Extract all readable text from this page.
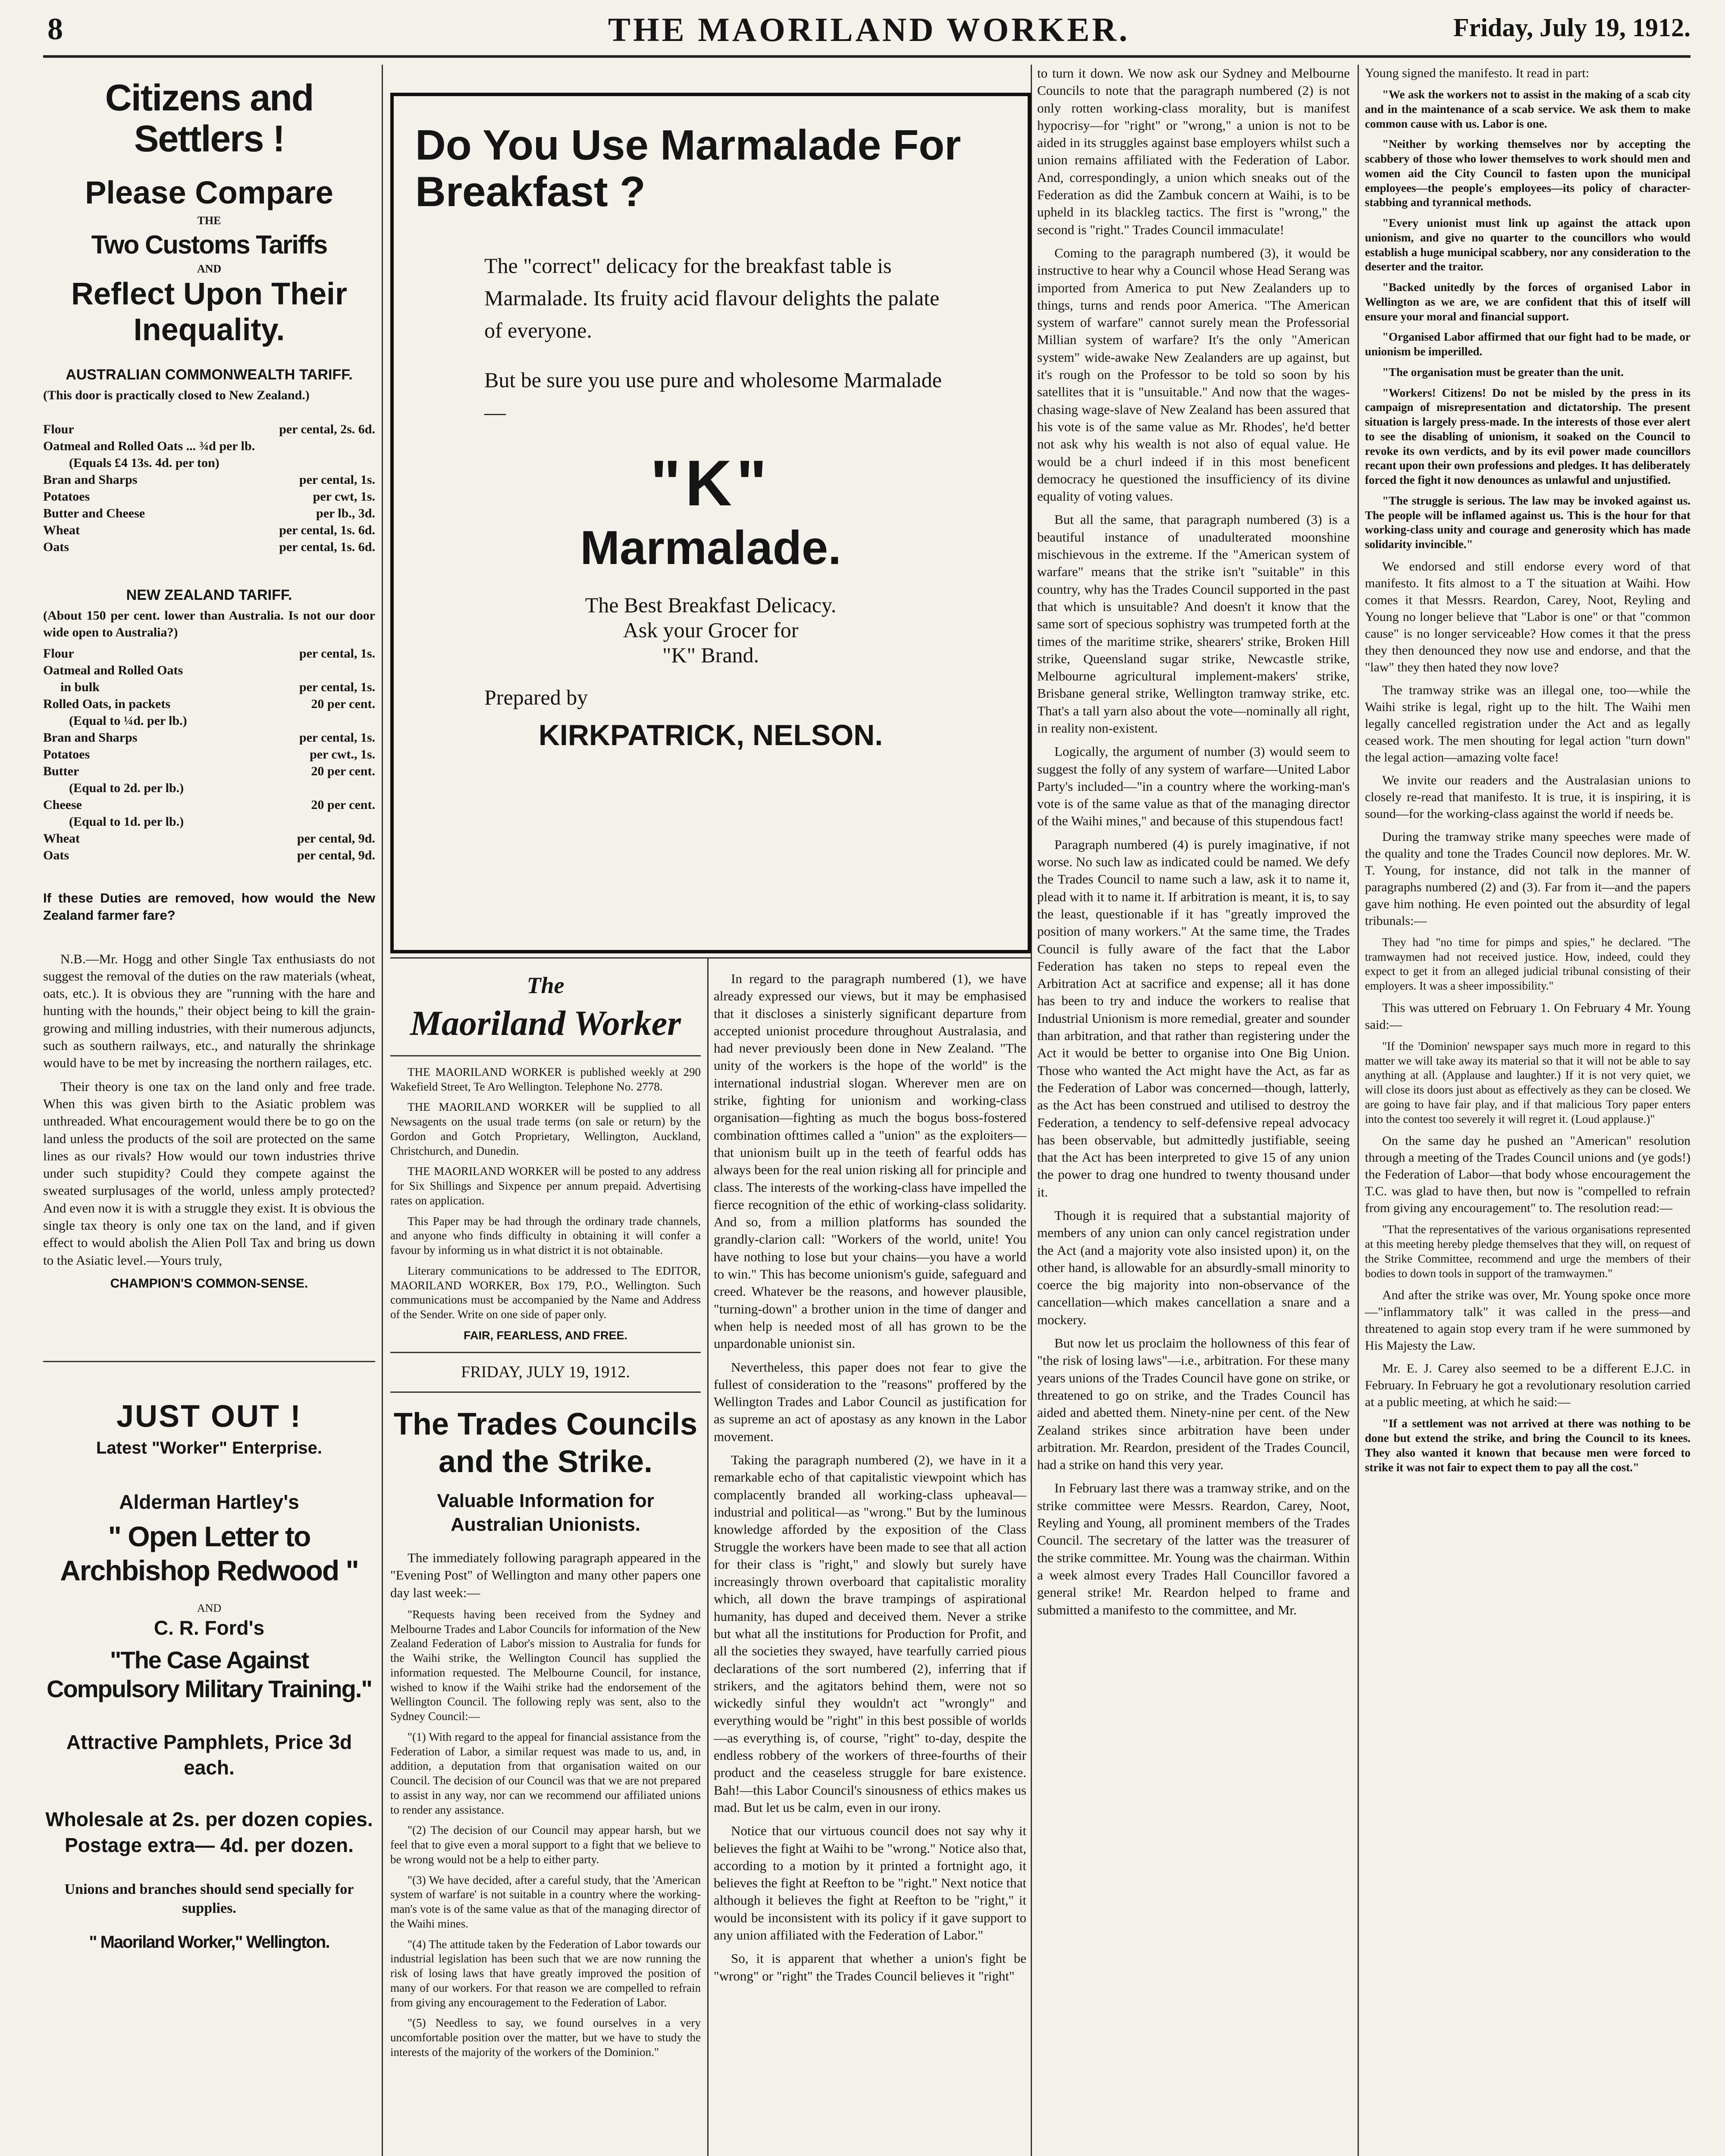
8	THE MAORILAND WORKER.	Friday, July 19, 1912.
Citizens and Settlers !
Please Compare
THE
Two Customs Tariffs
AND
Reflect Upon Their Inequality.
AUSTRALIAN COMMONWEALTH TARIFF.
(This door is practically closed to New Zealand.)
Flour	per cental, 2s. 6d.
Oatmeal and Rolled Oats ... ¾d per lb.
(Equals £4 13s. 4d. per ton)
Bran and Sharps	per cental, 1s.
Potatoes	per cwt, 1s.
Butter and Cheese	per lb., 3d.
Wheat	per cental, 1s. 6d.
Oats	per cental, 1s. 6d.
NEW ZEALAND TARIFF.
(About 150 per cent. lower than Australia. Is not our door wide open to Australia?)
Flour	per cental, 1s.
Oatmeal and Rolled Oats
in bulk	per cental, 1s.
Rolled Oats, in packets	20 per cent.
(Equal to ¼d. per lb.)
Bran and Sharps	per cental, 1s.
Potatoes	per cwt., 1s.
Butter	20 per cent.
(Equal to 2d. per lb.)
Cheese	20 per cent.
(Equal to 1d. per lb.)
Wheat	per cental, 9d.
Oats	per cental, 9d.
If these Duties are removed, how would the New Zealand farmer fare?

N.B.—Mr. Hogg and other Single Tax enthusiasts do not suggest the removal of the duties on the raw materials (wheat, oats, etc.). It is obvious they are "running with the hare and hunting with the hounds," their object being to kill the grain-growing and milling industries, with their numerous adjuncts, such as southern railways, etc., and naturally the shrinkage would have to be met by increasing the northern railages, etc.

Their theory is one tax on the land only and free trade. When this was given birth to the Asiatic problem was unthreaded. What encouragement would there be to go on the land unless the products of the soil are protected on the same lines as our rivals? How would our town industries thrive under such stupidity? Could they compete against the sweated surplusages of the world, unless amply protected? And even now it is with a struggle they exist. It is obvious the single tax theory is only one tax on the land, and if given effect to would abolish the Alien Poll Tax and bring us down to the Asiatic level.—Yours truly,

CHAMPION'S COMMON-SENSE.
JUST OUT !
Latest "Worker" Enterprise.
Alderman Hartley's
" Open Letter to Archbishop Redwood "
AND
C. R. Ford's
"The Case Against Compulsory Military Training."
Attractive Pamphlets, Price 3d each.
Wholesale at 2s. per dozen copies. Postage extra— 4d. per dozen.
Unions and branches should send specially for supplies.
" Maoriland Worker," Wellington.
Do You Use Marmalade For Breakfast ?
The "correct" delicacy for the breakfast table is Marmalade. Its fruity acid flavour delights the palate of everyone.
But be sure you use pure and wholesome Marmalade—
"K"
Marmalade.
The Best Breakfast Delicacy.
Ask your Grocer for
"K" Brand.
Prepared by
KIRKPATRICK, NELSON.
The
Maoriland Worker

THE MAORILAND WORKER is published weekly at 290 Wakefield Street, Te Aro Wellington. Telephone No. 2778.

THE MAORILAND WORKER will be supplied to all Newsagents on the usual trade terms (on sale or return) by the Gordon and Gotch Proprietary, Wellington, Auckland, Christchurch, and Dunedin.

THE MAORILAND WORKER will be posted to any address for Six Shillings and Sixpence per annum prepaid. Advertising rates on application.

This Paper may be had through the ordinary trade channels, and anyone who finds difficulty in obtaining it will confer a favour by informing us in what district it is not obtainable.

Literary communications to be addressed to The EDITOR, MAORILAND WORKER, Box 179, P.O., Wellington. Such communications must be accompanied by the Name and Address of the Sender. Write on one side of paper only.

FAIR, FEARLESS, AND FREE.
FRIDAY, JULY 19, 1912.
The Trades Councils and the Strike.
Valuable Information for Australian Unionists.

The immediately following paragraph appeared in the "Evening Post" of Wellington and many other papers one day last week:—

"Requests having been received from the Sydney and Melbourne Trades and Labor Councils for information of the New Zealand Federation of Labor's mission to Australia for funds for the Waihi strike, the Wellington Council has supplied the information requested. The Melbourne Council, for instance, wished to know if the Waihi strike had the endorsement of the Wellington Council. The following reply was sent, also to the Sydney Council:—

"(1) With regard to the appeal for financial assistance from the Federation of Labor, a similar request was made to us, and, in addition, a deputation from that organisation waited on our Council. The decision of our Council was that we are not prepared to assist in any way, nor can we recommend our affiliated unions to render any assistance.

"(2) The decision of our Council may appear harsh, but we feel that to give even a moral support to a fight that we believe to be wrong would not be a help to either party.

"(3) We have decided, after a careful study, that the 'American system of warfare' is not suitable in a country where the working-man's vote is of the same value as that of the managing director of the Waihi mines.

"(4) The attitude taken by the Federation of Labor towards our industrial legislation has been such that we are now running the risk of losing laws that have greatly improved the position of many of our workers. For that reason we are compelled to refrain from giving any encouragement to the Federation of Labor.

"(5) Needless to say, we found ourselves in a very uncomfortable position over the matter, but we have to study the interests of the majority of the workers of the Dominion."

In regard to the paragraph numbered (1), we have already expressed our views, but it may be emphasised that it discloses a sinisterly significant departure from accepted unionist procedure throughout Australasia, and had never previously been done in New Zealand. "The unity of the workers is the hope of the world" is the international industrial slogan. Wherever men are on strike, fighting for unionism and working-class organisation—fighting as much the bogus boss-fostered combination ofttimes called a "union" as the exploiters—that unionism built up in the teeth of fearful odds has always been for the real union risking all for principle and class. The interests of the working-class have impelled the fierce recognition of the ethic of working-class solidarity. And so, from a million platforms has sounded the grandly-clarion call: "Workers of the world, unite! You have nothing to lose but your chains—you have a world to win." This has become unionism's guide, safeguard and creed. Whatever be the reasons, and however plausible, "turning-down" a brother union in the time of danger and when help is needed most of all has grown to be the unpardonable unionist sin.

Nevertheless, this paper does not fear to give the fullest of consideration to the "reasons" proffered by the Wellington Trades and Labor Council as justification for as supreme an act of apostasy as any known in the Labor movement.

Taking the paragraph numbered (2), we have in it a remarkable echo of that capitalistic viewpoint which has complacently branded all working-class upheaval—industrial and political—as "wrong." But by the luminous knowledge afforded by the exposition of the Class Struggle the workers have been made to see that all action for their class is "right," and slowly but surely have increasingly thrown overboard that capitalistic morality which, all down the brave trampings of aspirational humanity, has duped and deceived them. Never a strike but what all the institutions for Production for Profit, and all the societies they swayed, have tearfully carried pious declarations of the sort numbered (2), inferring that if strikers, and the agitators behind them, were not so wickedly sinful they wouldn't act "wrongly" and everything would be "right" in this best possible of worlds—as everything is, of course, "right" to-day, despite the endless robbery of the workers of three-fourths of their product and the ceaseless struggle for bare existence. Bah!—this Labor Council's sinousness of ethics makes us mad. But let us be calm, even in our irony.

Notice that our virtuous council does not say why it believes the fight at Waihi to be "wrong." Notice also that, according to a motion by it printed a fortnight ago, it believes the fight at Reefton to be "right." Next notice that although it believes the fight at Reefton to be "right," it would be inconsistent with its policy if it gave support to any union affiliated with the Federation of Labor."

So, it is apparent that whether a union's fight be "wrong" or "right" the Trades Council believes it "right"

to turn it down. We now ask our Sydney and Melbourne Councils to note that the paragraph numbered (2) is not only rotten working-class morality, but is manifest hypocrisy—for "right" or "wrong," a union is not to be aided in its struggles against base employers whilst such a union remains affiliated with the Federation of Labor. And, correspondingly, a union which sneaks out of the Federation as did the Zambuk concern at Waihi, is to be upheld in its blackleg tactics. The first is "wrong," the second is "right." Trades Council immaculate!

Coming to the paragraph numbered (3), it would be instructive to hear why a Council whose Head Serang was imported from America to put New Zealanders up to things, turns and rends poor America. "The American system of warfare" cannot surely mean the Professorial Millian system of warfare? It's the only "American system" wide-awake New Zealanders are up against, but it's rough on the Professor to be told so soon by his satellites that it is "unsuitable." And now that the wages-chasing wage-slave of New Zealand has been assured that his vote is of the same value as Mr. Rhodes', he'd better not ask why his wealth is not also of equal value. He would be a churl indeed if in this most beneficent democracy he questioned the insufficiency of its divine equality of voting values.

But all the same, that paragraph numbered (3) is a beautiful instance of unadulterated moonshine mischievous in the extreme. If the "American system of warfare" means that the strike isn't "suitable" in this country, why has the Trades Council supported in the past that which is unsuitable? And doesn't it know that the same sort of specious sophistry was trumpeted forth at the times of the maritime strike, shearers' strike, Broken Hill strike, Queensland sugar strike, Newcastle strike, Melbourne agricultural implement-makers' strike, Brisbane general strike, Wellington tramway strike, etc. That's a tall yarn also about the vote—nominally all right, in reality non-existent.

Logically, the argument of number (3) would seem to suggest the folly of any system of warfare—United Labor Party's included—"in a country where the working-man's vote is of the same value as that of the managing director of the Waihi mines," and because of this stupendous fact!

Paragraph numbered (4) is purely imaginative, if not worse. No such law as indicated could be named. We defy the Trades Council to name such a law, ask it to name it, plead with it to name it. If arbitration is meant, it is, to say the least, questionable if it has "greatly improved the position of many workers." At the same time, the Trades Council is fully aware of the fact that the Labor Federation has taken no steps to repeal even the Arbitration Act at sacrifice and expense; all it has done has been to try and induce the workers to realise that Industrial Unionism is more remedial, greater and sounder than arbitration, and that rather than registering under the Act it would be better to organise into One Big Union. Those who wanted the Act might have the Act, as far as the Federation of Labor was concerned—though, latterly, as the Act has been construed and utilised to destroy the Federation, a tendency to self-defensive repeal advocacy has been observable, but admittedly justifiable, seeing that the Act has been interpreted to give 15 of any union the power to drag one hundred to twenty thousand under it.

Though it is required that a substantial majority of members of any union can only cancel registration under the Act (and a majority vote also insisted upon) it, on the other hand, is allowable for an absurdly-small minority to coerce the big majority into non-observance of the cancellation—which makes cancellation a snare and a mockery.

But now let us proclaim the hollowness of this fear of "the risk of losing laws"—i.e., arbitration. For these many years unions of the Trades Council have gone on strike, or threatened to go on strike, and the Trades Council has aided and abetted them. Ninety-nine per cent. of the New Zealand strikes since arbitration have been under arbitration. Mr. Reardon, president of the Trades Council, had a strike on hand this very year.

In February last there was a tramway strike, and on the strike committee were Messrs. Reardon, Carey, Noot, Reyling and Young, all prominent members of the Trades Council. The secretary of the latter was the treasurer of the strike committee. Mr. Young was the chairman. Within a week almost every Trades Hall Councillor favored a general strike! Mr. Reardon helped to frame and submitted a manifesto to the committee, and Mr.

Young signed the manifesto. It read in part:

"We ask the workers not to assist in the making of a scab city and in the maintenance of a scab service. We ask them to make common cause with us. Labor is one.

"Neither by working themselves nor by accepting the scabbery of those who lower themselves to work should men and women aid the City Council to fasten upon the municipal employees—the people's employees—its policy of character-stabbing and tyrannical methods.

"Every unionist must link up against the attack upon unionism, and give no quarter to the councillors who would establish a huge municipal scabbery, nor any consideration to the deserter and the traitor.

"Backed unitedly by the forces of organised Labor in Wellington as we are, we are confident that this of itself will ensure your moral and financial support.

"Organised Labor affirmed that our fight had to be made, or unionism be imperilled.

"The organisation must be greater than the unit.

"Workers! Citizens! Do not be misled by the press in its campaign of misrepresentation and dictatorship. The present situation is largely press-made. In the interests of those ever alert to see the disabling of unionism, it soaked on the Council to revoke its own verdicts, and by its evil power made councillors recant upon their own professions and pledges. It has deliberately forced the fight it now denounces as unlawful and unjustified.

"The struggle is serious. The law may be invoked against us. The people will be inflamed against us. This is the hour for that working-class unity and courage and generosity which has made solidarity invincible."

We endorsed and still endorse every word of that manifesto. It fits almost to a T the situation at Waihi. How comes it that Messrs. Reardon, Carey, Noot, Reyling and Young no longer believe that "Labor is one" or that "common cause" is no longer serviceable? How comes it that the press they then denounced they now use and endorse, and that the "law" they then hated they now love?

The tramway strike was an illegal one, too—while the Waihi strike is legal, right up to the hilt. The Waihi men legally cancelled registration under the Act and as legally ceased work. The men shouting for legal action "turn down" the legal action—amazing volte face!

We invite our readers and the Australasian unions to closely re-read that manifesto. It is true, it is inspiring, it is sound—for the working-class against the world if needs be.

During the tramway strike many speeches were made of the quality and tone the Trades Council now deplores. Mr. W. T. Young, for instance, did not talk in the manner of paragraphs numbered (2) and (3). Far from it—and the papers gave him nothing. He even pointed out the absurdity of legal tribunals:—

They had "no time for pimps and spies," he declared. "The tramwaymen had not received justice. How, indeed, could they expect to get it from an alleged judicial tribunal consisting of their employers. It was a sheer impossibility."

This was uttered on February 1. On February 4 Mr. Young said:—

"If the 'Dominion' newspaper says much more in regard to this matter we will take away its material so that it will not be able to say anything at all. (Applause and laughter.) If it is not very quiet, we will close its doors just about as effectively as they can be closed. We are going to have fair play, and if that malicious Tory paper enters into the contest too severely it will regret it. (Loud applause.)"

On the same day he pushed an "American" resolution through a meeting of the Trades Council unions and (ye gods!) the Federation of Labor—that body whose encouragement the T.C. was glad to have then, but now is "compelled to refrain from giving any encouragement" to. The resolution read:—

"That the representatives of the various organisations represented at this meeting hereby pledge themselves that they will, on request of the Strike Committee, recommend and urge the members of their bodies to down tools in support of the tramwaymen."

And after the strike was over, Mr. Young spoke once more—"inflammatory talk" it was called in the press—and threatened to again stop every tram if he were summoned by His Majesty the Law.

Mr. E. J. Carey also seemed to be a different E.J.C. in February. In February he got a revolutionary resolution carried at a public meeting, at which he said:—

"If a settlement was not arrived at there was nothing to be done but extend the strike, and bring the Council to its knees. They also wanted it known that because men were forced to strike it was not fair to expect them to pay all the cost."
